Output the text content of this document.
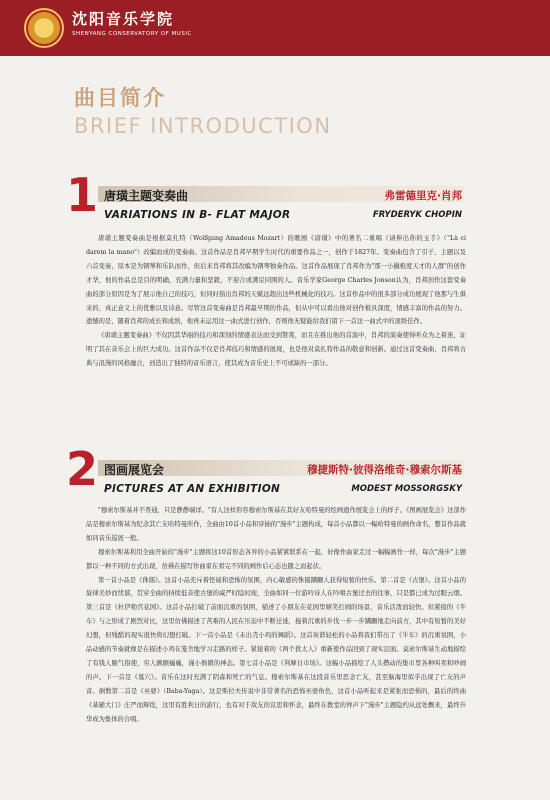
沈阳音乐学院
SHENYANG CONSERVATORY OF MUSIC
曲目简介
BRIEF INTRODUCTION
1 唐璜主题变奏曲	弗雷德里克·肖邦
VARIATIONS IN B- FLAT MAJOR	FRYDERYK CHOPIN

唐璜主题变奏曲是根据莫扎特（Wolfgang Amadeus Mozart）的歌剧《唐璜》中的著名二重唱《请伸出你的玉手》（"Là ci darem la mano"）改编而成的变奏曲。这首作品是肖邦早期学生时代的重要作品之一，创作于1827年。变奏曲包含了引子、主题以及六首变奏，原本是为钢琴和乐队而作，但后来肖邦将其改编为钢琴独奏作品。这首作品展现了肖邦作为"那一小撮极度天才的人群"的创作才华，他的作品总是目的明确，充满力量和坚毅，不迎合或满足同围的人。音乐学家George Charles Jonson认为，肖邦创作这套变奏曲的部分原因是为了展示他自己的技巧，但同时指出肖邦的天赋远超出这些机械化的技巧。这首作品中的很多部分成功展现了他那与生俱来的、真正意义上的优雅以及诗意。尽管这首变奏曲是肖邦最早期的作品，但从中可以看出他对创作极具深度，情感丰富的作品的努力。遗憾的是，随着肖邦的成长和成熟，他再未运用这一曲式进行创作，否则他无疑能给我们留下一首这一曲式中的顶级佳作。

《唐璜主题变奏曲》不仅因其华丽的技巧和深刻的情感表达而受到赞赏，而且在推出他的首演中，肖邦的演奏使得听众为之着迷，证明了其在音乐会上的巨大成功。这首作品不仅是肖邦技巧和情感的展现，也是他对莫扎特作品的敬意和创新。通过这首变奏曲，肖邦将古典与浪漫的风格融合，创造出了独特的音乐语言，使其成为音乐史上不可或缺的一部分。

2 图画展览会	穆捷斯特·彼得洛维奇·穆索尔斯基
PICTURES AT AN EXHIBITION	MODEST MOSSORGSKY

"穆索尔斯基并不普通，只是静静端详。"有人这样形容穆索尔斯基在其好友哈特曼的绘画遗作展览会上的样子。《图画展览会》这部作品是穆索尔斯基为纪念其亡友哈特曼所作，全曲由10首小品和穿插的"漫步"主题构成，每首小品都以一幅哈特曼的画作命名，整首作品就如同音乐巡展一般。

穆索尔斯基利用全曲开始的"漫步"主题将这10首形态各异的小品紧紧联系在一起，好像作曲家走过一幅幅画作一样，每次"漫步"主题都以一种不同的方式出现，仿佛在描写作曲家在看完不同的画作后心态也随之而起伏。

第一首小品是《侏儒》。这首小品充斥着怪诞和恐怖的氛围，内心敏感的侏儒蹒跚人获得短暂的快乐。第二首是《古堡》。这首小品的旋律美妙而忧郁，贯穿全曲的持续低音使古堡的威严时隐时现，全曲如同一位游吟诗人在吟唱古堡过去的往事，只是都已成为过眼云烟。第三首是《杜伊勒宫花园》。这首小品打破了前面沉重的氛围，描述了小朋友在花园里嬉笑打闹的场景，音乐活泼而轻快。但紧接的《牛车》与之形成了剧烈对比，这里仿佛描述了苦难的人民在压迫中不断迁徙，拖着沉重的步伐一步一步蹒跚地走向前方，其中有短暂的美好幻想，但残酷的现实很快将幻想打破。下一首小品是《未出壳小鸡的舞蹈》。这首诙谐轻松的小品将我们带出了《牛车》的沉重氛围，小品动感的节奏就像是在描述小鸡在笼舍地学习走路的样子。紧接着的《两个犹太人》重新使作品回到了现实层面。莫索尔斯基生动地描绘了有钱人颐气指使，穷人颤颤巍巍，谨小慎微的神态。第七首小品是《利摩日市场》。这幅小品描绘了人头攒动的集市里各种叫卖和吵闹的声。下一首是《墓穴》。音乐在这时充满了阴森和死亡的气息。穆索尔斯基在这段音乐里思念亡友，甚至脑海里似乎出现了亡友的声音。倒数第二首是《巫婆》（Baba-Yaga）。这是斯拉夫传说中非常著名的恐怖巫婆角色，这首小品听起来是紧张而恐怖的，最后的终曲《基辅大门》庄严而辉煌，这里有胜利日的游行，也有对于敌友的哀思和怀念，最终在教堂的钟声下"漫步"主题隐约从远处飘来，最终升华成为集体的合唱。
